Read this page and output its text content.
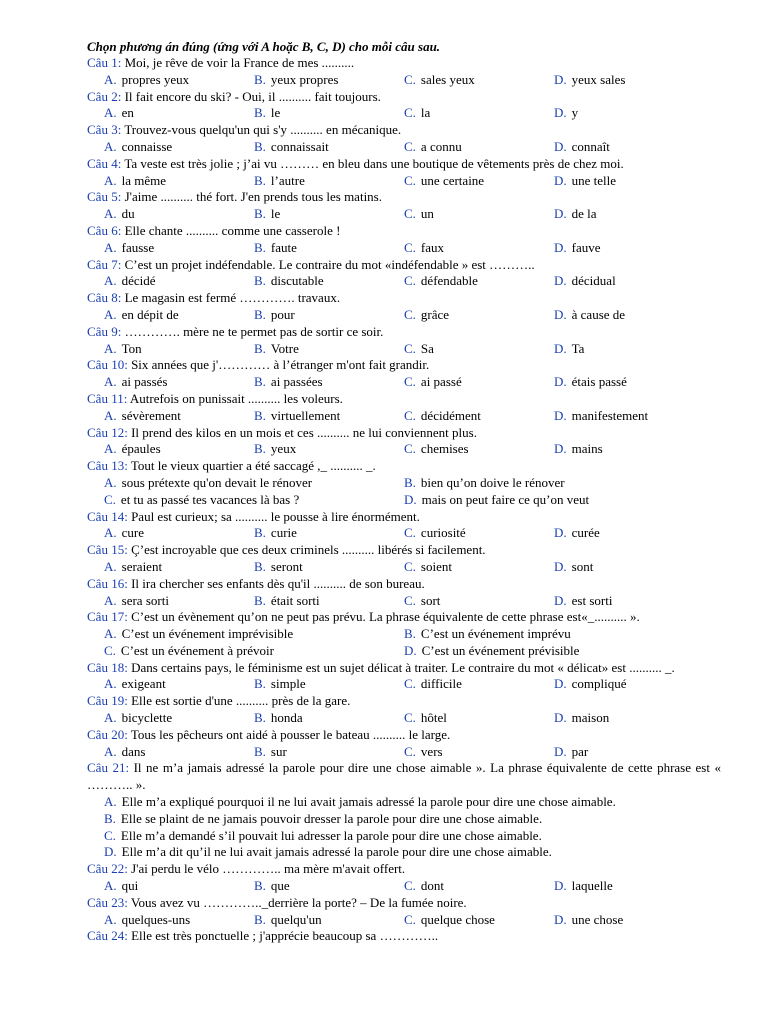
Chọn phương án đúng (ứng với A hoặc B, C, D) cho mỗi câu sau.
Câu 1: Moi, je rêve de voir la France de mes ..........
A. propres yeux	B. yeux propres	C. sales yeux	D. yeux sales
Câu 2: Il fait encore du ski? - Oui, il .......... fait toujours.
A. en	B. le	C. la	D. y
Câu 3: Trouvez-vous quelqu'un qui s'y .......... en mécanique.
A. connaisse	B. connaissait	C. a connu	D. connaît
Câu 4: Ta veste est très jolie ; j’ai vu ……… en bleu dans une boutique de vêtements près de chez moi.
A. la même	B. l’autre	C. une certaine	D. une telle
Câu 5: J'aime .......... thé fort. J'en prends tous les matins.
A. du	B. le	C. un	D. de la
Câu 6: Elle chante .......... comme une casserole !
A. fausse	B. faute	C. faux	D. fauve
Câu 7: C’est un projet indéfendable. Le contraire du mot «indéfendable » est ………..
A. décidé	B. discutable	C. défendable	D. décidual
Câu 8: Le magasin est fermé …………. travaux.
A. en dépit de	B. pour	C. grâce	D. à cause de
Câu 9: …………. mère ne te permet pas de sortir ce soir.
A. Ton	B. Votre	C. Sa	D. Ta
Câu 10: Six années que j'………… à l’étranger m'ont fait grandir.
A. ai passés	B. ai passées	C. ai passé	D. étais passé
Câu 11: Autrefois on punissait .......... les voleurs.
A. sévèrement	B. virtuellement	C. décidément	D. manifestement
Câu 12: Il prend des kilos en un mois et ces .......... ne lui conviennent plus.
A. épaules	B. yeux	C. chemises	D. mains
Câu 13: Tout le vieux quartier a été saccagé ,_ .......... _.
A. sous prétexte qu'on devait le rénover	B. bien qu’on doive le rénover
C. et tu as passé tes vacances là bas ?	D. mais on peut faire ce qu’on veut
Câu 14: Paul est curieux; sa .......... le pousse à lire énormément.
A. cure	B. curie	C. curiosité	D. curée
Câu 15: Ç’est incroyable que ces deux criminels .......... libérés si facilement.
A. seraient	B. seront	C. soient	D. sont
Câu 16: Il ira chercher ses enfants dès qu'il .......... de son bureau.
A. sera sorti	B. était sorti	C. sort	D. est sorti
Câu 17: C’est un évènement qu’on ne peut pas prévu. La phrase équivalente de cette phrase est«_.......... ».
A. C’est un événement imprévisible	B. C’est un événement imprévu
C. C’est un événement à prévoir	D. C’est un événement prévisible
Câu 18: Dans certains pays, le féminisme est un sujet délicat à traiter. Le contraire du mot « délicat» est .......... _.
A. exigeant	B. simple	C. difficile	D. compliqué
Câu 19: Elle est sortie d'une .......... près de la gare.
A. bicyclette	B. honda	C. hôtel	D. maison
Câu 20: Tous les pêcheurs ont aidé à pousser le bateau .......... le large.
A. dans	B. sur	C. vers	D. par
Câu 21: Il ne m’a jamais adressé la parole pour dire une chose aimable ». La phrase équivalente de cette phrase est « ……….. ».
A. Elle m’a expliqué pourquoi il ne lui avait jamais adressé la parole pour dire une chose aimable.
B. Elle se plaint de ne jamais pouvoir dresser la parole pour dire une chose aimable.
C. Elle m’a demandé s’il pouvait lui adresser la parole pour dire une chose aimable.
D. Elle m’a dit qu’il ne lui avait jamais adressé la parole pour dire une chose aimable.
Câu 22: J'ai perdu le vélo ………….. ma mère m'avait offert.
A. qui	B. que	C. dont	D. laquelle
Câu 23: Vous avez vu ………….._derrière la porte? – De la fumée noire.
A. quelques-uns	B. quelqu'un	C. quelque chose	D. une chose
Câu 24: Elle est très ponctuelle ; j'apprécie beaucoup sa …………..
